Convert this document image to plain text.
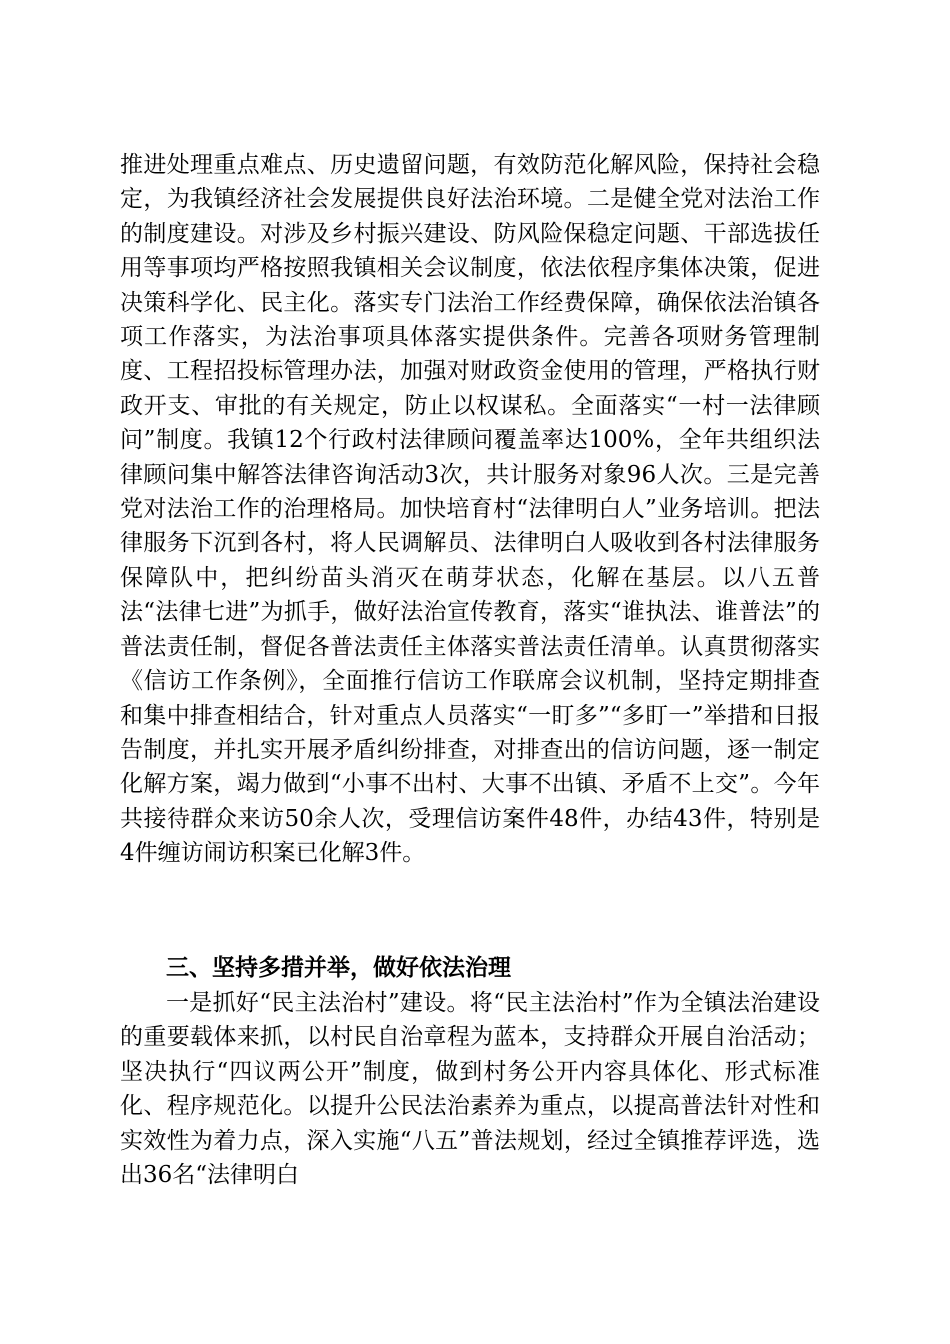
推进处理重点难点、历史遗留问题，有效防范化解风险，保持社会稳定，为我镇经济社会发展提供良好法治环境。二是健全党对法治工作的制度建设。对涉及乡村振兴建设、防风险保稳定问题、干部选拔任用等事项均严格按照我镇相关会议制度，依法依程序集体决策，促进决策科学化、民主化。落实专门法治工作经费保障，确保依法治镇各项工作落实，为法治事项具体落实提供条件。完善各项财务管理制度、工程招投标管理办法，加强对财政资金使用的管理，严格执行财政开支、审批的有关规定，防止以权谋私。全面落实“一村一法律顾问”制度。我镇12个行政村法律顾问覆盖率达100%，全年共组织法律顾问集中解答法律咨询活动3次，共计服务对象96人次。三是完善党对法治工作的治理格局。加快培育村“法律明白人”业务培训。把法律服务下沉到各村，将人民调解员、法律明白人吸收到各村法律服务保障队中，把纠纷苗头消灭在萌芽状态，化解在基层。以八五普法“法律七进”为抓手，做好法治宣传教育，落实“谁执法、谁普法”的普法责任制，督促各普法责任主体落实普法责任清单。认真贯彻落实《信访工作条例》，全面推行信访工作联席会议机制，坚持定期排查和集中排查相结合，针对重点人员落实“一盯多”“多盯一”举措和日报告制度，并扎实开展矛盾纠纷排查，对排查出的信访问题，逐一制定化解方案，竭力做到“小事不出村、大事不出镇、矛盾不上交”。今年共接待群众来访50余人次，受理信访案件48件，办结43件，特别是4件缠访闹访积案已化解3件。

三、坚持多措并举，做好依法治理

一是抓好“民主法治村”建设。将“民主法治村”作为全镇法治建设的重要载体来抓，以村民自治章程为蓝本，支持群众开展自治活动；坚决执行“四议两公开”制度，做到村务公开内容具体化、形式标准化、程序规范化。以提升公民法治素养为重点，以提高普法针对性和实效性为着力点，深入实施“八五”普法规划，经过全镇推荐评选，选出36名“法律明白
